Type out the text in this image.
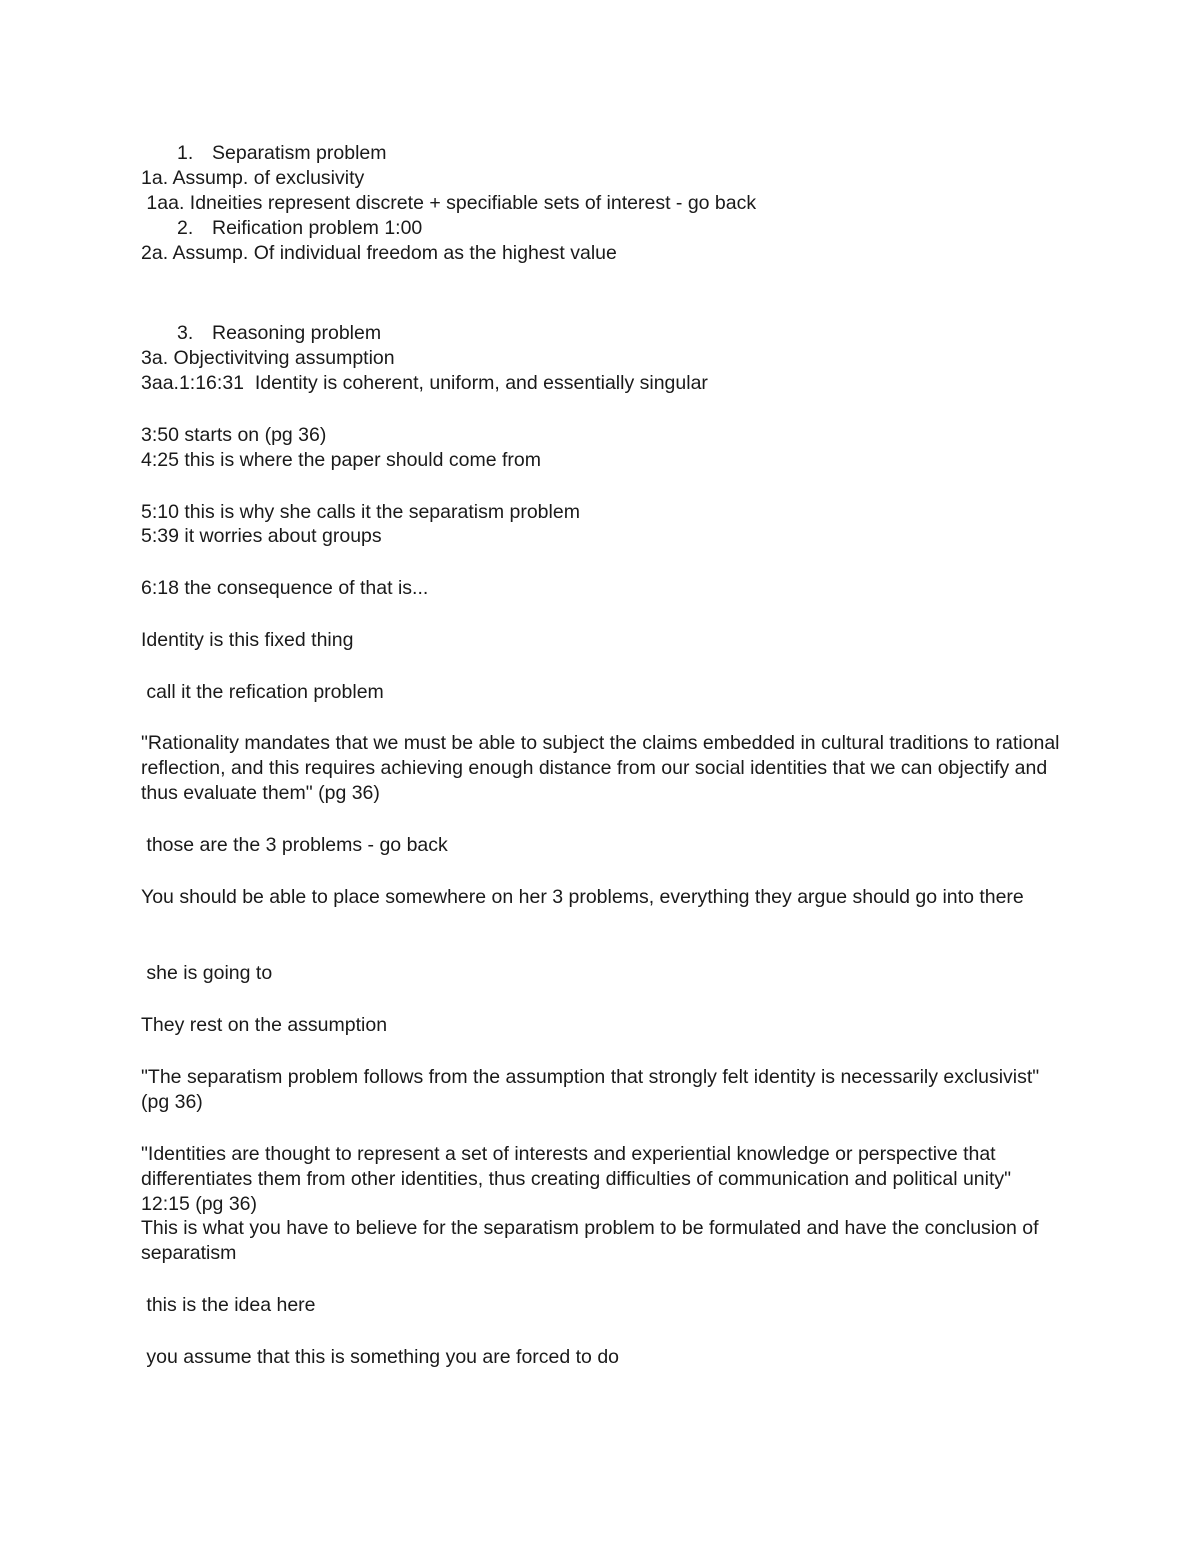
1. Separatism problem
1a. Assump. of exclusivity
1aa. Idneities represent discrete + specifiable sets of interest - go back
2. Reification problem 1:00
2a. Assump. Of individual freedom as the highest value
3. Reasoning problem
3a. Objectivitving assumption
3aa.1:16:31  Identity is coherent, uniform, and essentially singular
3:50 starts on (pg 36)
4:25 this is where the paper should come from
5:10 this is why she calls it the separatism problem
5:39 it worries about groups
6:18 the consequence of that is...
Identity is this fixed thing
call it the refication problem
"Rationality mandates that we must be able to subject the claims embedded in cultural traditions to rational reflection, and this requires achieving enough distance from our social identities that we can objectify and thus evaluate them" (pg 36)
those are the 3 problems - go back
You should be able to place somewhere on her 3 problems, everything they argue should go into there
she is going to
They rest on the assumption
"The separatism problem follows from the assumption that strongly felt identity is necessarily exclusivist" (pg 36)
"Identities are thought to represent a set of interests and experiential knowledge or perspective that differentiates them from other identities, thus creating difficulties of communication and political unity" 12:15 (pg 36)
This is what you have to believe for the separatism problem to be formulated and have the conclusion of separatism
this is the idea here
you assume that this is something you are forced to do
